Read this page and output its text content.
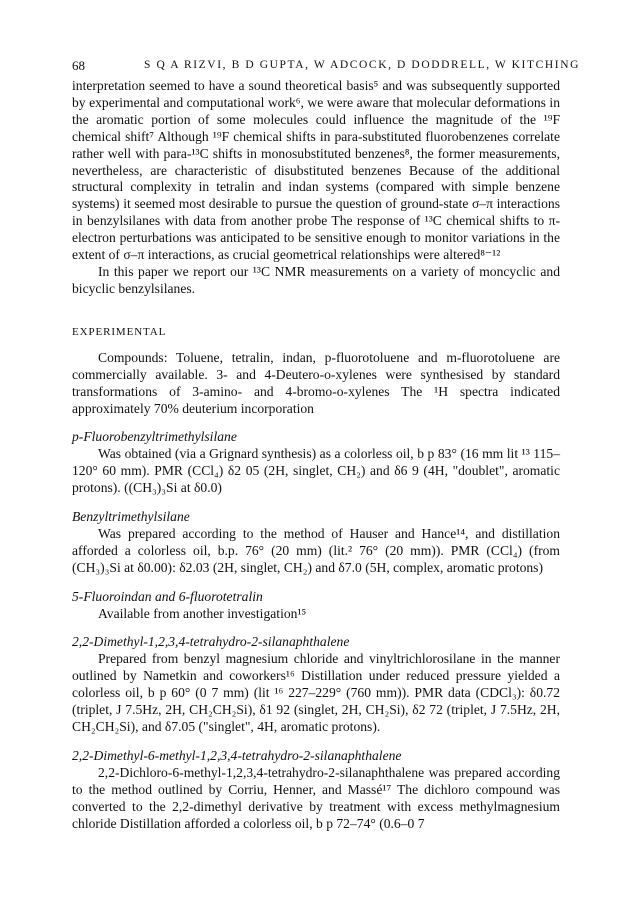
68	S Q A RIZVI, B D GUPTA, W ADCOCK, D DODDRELL, W KITCHING

interpretation seemed to have a sound theoretical basis⁵ and was subsequently supported by experimental and computational work⁶, we were aware that molecular deformations in the aromatic portion of some molecules could influence the magnitude of the ¹⁹F chemical shift⁷ Although ¹⁹F chemical shifts in para-substituted fluorobenzenes correlate rather well with para-¹³C shifts in monosubstituted benzenes⁸, the former measurements, nevertheless, are characteristic of disubstituted benzenes Because of the additional structural complexity in tetralin and indan systems (compared with simple benzene systems) it seemed most desirable to pursue the question of ground-state σ–π interactions in benzylsilanes with data from another probe The response of ¹³C chemical shifts to π-electron perturbations was anticipated to be sensitive enough to monitor variations in the extent of σ–π interactions, as crucial geometrical relationships were altered⁸⁻¹²

In this paper we report our ¹³C NMR measurements on a variety of moncyclic and bicyclic benzylsilanes.

EXPERIMENTAL

Compounds: Toluene, tetralin, indan, p-fluorotoluene and m-fluorotoluene are commercially available. 3- and 4-Deutero-o-xylenes were synthesised by standard transformations of 3-amino- and 4-bromo-o-xylenes The ¹H spectra indicated approximately 70% deuterium incorporation

p-Fluorobenzyltrimethylsilane

Was obtained (via a Grignard synthesis) as a colorless oil, b p 83° (16 mm lit ¹³ 115–120° 60 mm). PMR (CCl₄) δ2 05 (2H, singlet, CH₂) and δ6 9 (4H, "doublet", aromatic protons). ((CH₃)₃Si at δ0.0)

Benzyltrimethylsilane

Was prepared according to the method of Hauser and Hance¹⁴, and distillation afforded a colorless oil, b.p. 76° (20 mm) (lit.² 76° (20 mm)). PMR (CCl₄) (from (CH₃)₃Si at δ0.00): δ2.03 (2H, singlet, CH₂) and δ7.0 (5H, complex, aromatic protons)

5-Fluoroindan and 6-fluorotetralin

Available from another investigation¹⁵

2,2-Dimethyl-1,2,3,4-tetrahydro-2-silanaphthalene

Prepared from benzyl magnesium chloride and vinyltrichlorosilane in the manner outlined by Nametkin and coworkers¹⁶ Distillation under reduced pressure yielded a colorless oil, b p 60° (0 7 mm) (lit ¹⁶ 227–229° (760 mm)). PMR data (CDCl₃): δ0.72 (triplet, J 7.5Hz, 2H, CH₂CH₂Si), δ1 92 (singlet, 2H, CH₂Si), δ2 72 (triplet, J 7.5Hz, 2H, CH₂CH₂Si), and δ7.05 ("singlet", 4H, aromatic protons).

2,2-Dimethyl-6-methyl-1,2,3,4-tetrahydro-2-silanaphthalene

2,2-Dichloro-6-methyl-1,2,3,4-tetrahydro-2-silanaphthalene was prepared according to the method outlined by Corriu, Henner, and Massé¹⁷ The dichloro compound was converted to the 2,2-dimethyl derivative by treatment with excess methylmagnesium chloride Distillation afforded a colorless oil, b p 72–74° (0.6–0 7
